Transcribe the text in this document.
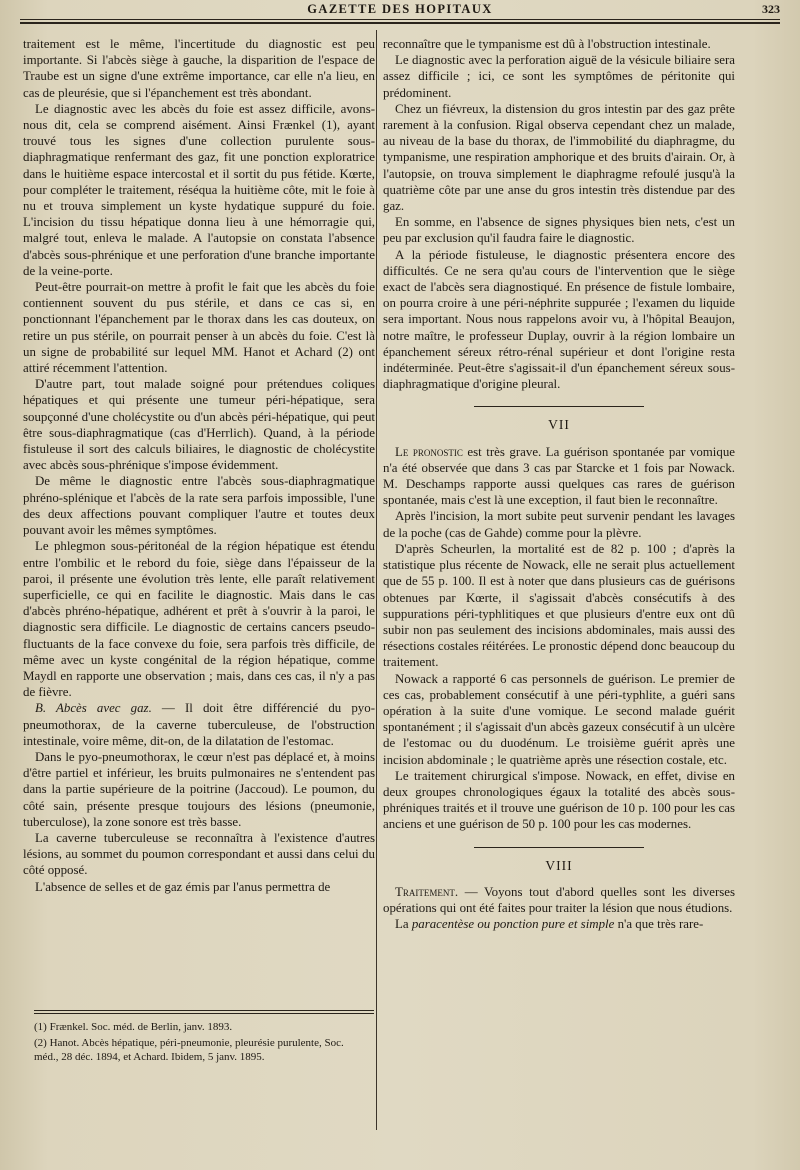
GAZETTE DES HOPITAUX	323

traitement est le même, l'incertitude du diagnostic est peu importante. Si l'abcès siège à gauche, la disparition de l'espace de Traube est un signe d'une extrême importance, car elle n'a lieu, en cas de pleurésie, que si l'épanchement est très abondant.

Le diagnostic avec les abcès du foie est assez difficile, avons-nous dit, cela se comprend aisément. Ainsi Frænkel (1), ayant trouvé tous les signes d'une collection purulente sous-diaphragmatique renfermant des gaz, fit une ponction exploratrice dans le huitième espace intercostal et il sortit du pus fétide. Kœrte, pour compléter le traitement, réséqua la huitième côte, mit le foie à nu et trouva simplement un kyste hydatique suppuré du foie. L'incision du tissu hépatique donna lieu à une hémorragie qui, malgré tout, enleva le malade. A l'autopsie on constata l'absence d'abcès sous-phrénique et une perforation d'une branche importante de la veine-porte.

Peut-être pourrait-on mettre à profit le fait que les abcès du foie contiennent souvent du pus stérile, et dans ce cas si, en ponctionnant l'épanchement par le thorax dans les cas douteux, on retire un pus stérile, on pourrait penser à un abcès du foie. C'est là un signe de probabilité sur lequel MM. Hanot et Achard (2) ont attiré récemment l'attention.

D'autre part, tout malade soigné pour prétendues coliques hépatiques et qui présente une tumeur péri-hépatique, sera soupçonné d'une cholécystite ou d'un abcès péri-hépatique, qui peut être sous-diaphragmatique (cas d'Herrlich). Quand, à la période fistuleuse il sort des calculs biliaires, le diagnostic de cholécystite avec abcès sous-phrénique s'impose évidemment.

De même le diagnostic entre l'abcès sous-diaphragmatique phréno-splénique et l'abcès de la rate sera parfois impossible, l'une des deux affections pouvant compliquer l'autre et toutes deux pouvant avoir les mêmes symptômes.

Le phlegmon sous-péritonéal de la région hépatique est étendu entre l'ombilic et le rebord du foie, siège dans l'épaisseur de la paroi, il présente une évolution très lente, elle paraît relativement superficielle, ce qui en facilite le diagnostic. Mais dans le cas d'abcès phréno-hépatique, adhérent et prêt à s'ouvrir à la paroi, le diagnostic sera difficile. Le diagnostic de certains cancers pseudo-fluctuants de la face convexe du foie, sera parfois très difficile, de même avec un kyste congénital de la région hépatique, comme Maydl en rapporte une observation ; mais, dans ces cas, il n'y a pas de fièvre.

B. Abcès avec gaz. — Il doit être différencié du pyo-pneumothorax, de la caverne tuberculeuse, de l'obstruction intestinale, voire même, dit-on, de la dilatation de l'estomac.

Dans le pyo-pneumothorax, le cœur n'est pas déplacé et, à moins d'être partiel et inférieur, les bruits pulmonaires ne s'entendent pas dans la partie supérieure de la poitrine (Jaccoud). Le poumon, du côté sain, présente presque toujours des lésions (pneumonie, tuberculose), la zone sonore est très basse.

La caverne tuberculeuse se reconnaîtra à l'existence d'autres lésions, au sommet du poumon correspondant et aussi dans celui du côté opposé.

L'absence de selles et de gaz émis par l'anus permettra de

(1) Frænkel. Soc. méd. de Berlin, janv. 1893.
(2) Hanot. Abcès hépatique, péri-pneumonie, pleurésie purulente, Soc. méd., 28 déc. 1894, et Achard. Ibidem, 5 janv. 1895.

reconnaître que le tympanisme est dû à l'obstruction intestinale.

Le diagnostic avec la perforation aiguë de la vésicule biliaire sera assez difficile ; ici, ce sont les symptômes de péritonite qui prédominent.

Chez un fiévreux, la distension du gros intestin par des gaz prête rarement à la confusion. Rigal observa cependant chez un malade, au niveau de la base du thorax, de l'immobilité du diaphragme, du tympanisme, une respiration amphorique et des bruits d'airain. Or, à l'autopsie, on trouva simplement le diaphragme refoulé jusqu'à la quatrième côte par une anse du gros intestin très distendue par des gaz.

En somme, en l'absence de signes physiques bien nets, c'est un peu par exclusion qu'il faudra faire le diagnostic.

A la période fistuleuse, le diagnostic présentera encore des difficultés. Ce ne sera qu'au cours de l'intervention que le siège exact de l'abcès sera diagnostiqué. En présence de fistule lombaire, on pourra croire à une péri-néphrite suppurée ; l'examen du liquide sera important. Nous nous rappelons avoir vu, à l'hôpital Beaujon, notre maître, le professeur Duplay, ouvrir à la région lombaire un épanchement séreux rétro-rénal supérieur et dont l'origine resta indéterminée. Peut-être s'agissait-il d'un épanchement séreux sous-diaphragmatique d'origine pleural.

VII

Le pronostic est très grave. La guérison spontanée par vomique n'a été observée que dans 3 cas par Starcke et 1 fois par Nowack. M. Deschamps rapporte aussi quelques cas rares de guérison spontanée, mais c'est là une exception, il faut bien le reconnaître.

Après l'incision, la mort subite peut survenir pendant les lavages de la poche (cas de Gahde) comme pour la plèvre.

D'après Scheurlen, la mortalité est de 82 p. 100 ; d'après la statistique plus récente de Nowack, elle ne serait plus actuellement que de 55 p. 100. Il est à noter que dans plusieurs cas de guérisons obtenues par Kœrte, il s'agissait d'abcès consécutifs à des suppurations péri-typhlitiques et que plusieurs d'entre eux ont dû subir non pas seulement des incisions abdominales, mais aussi des résections costales réitérées. Le pronostic dépend donc beaucoup du traitement.

Nowack a rapporté 6 cas personnels de guérison. Le premier de ces cas, probablement consécutif à une péri-typhlite, a guéri sans opération à la suite d'une vomique. Le second malade guérit spontanément ; il s'agissait d'un abcès gazeux consécutif à un ulcère de l'estomac ou du duodénum. Le troisième guérit après une incision abdominale ; le quatrième après une résection costale, etc.

Le traitement chirurgical s'impose. Nowack, en effet, divise en deux groupes chronologiques égaux la totalité des abcès sous-phréniques traités et il trouve une guérison de 10 p. 100 pour les cas anciens et une guérison de 50 p. 100 pour les cas modernes.

VIII

Traitement. — Voyons tout d'abord quelles sont les diverses opérations qui ont été faites pour traiter la lésion que nous étudions.

La paracentèse ou ponction pure et simple n'a que très rare-
